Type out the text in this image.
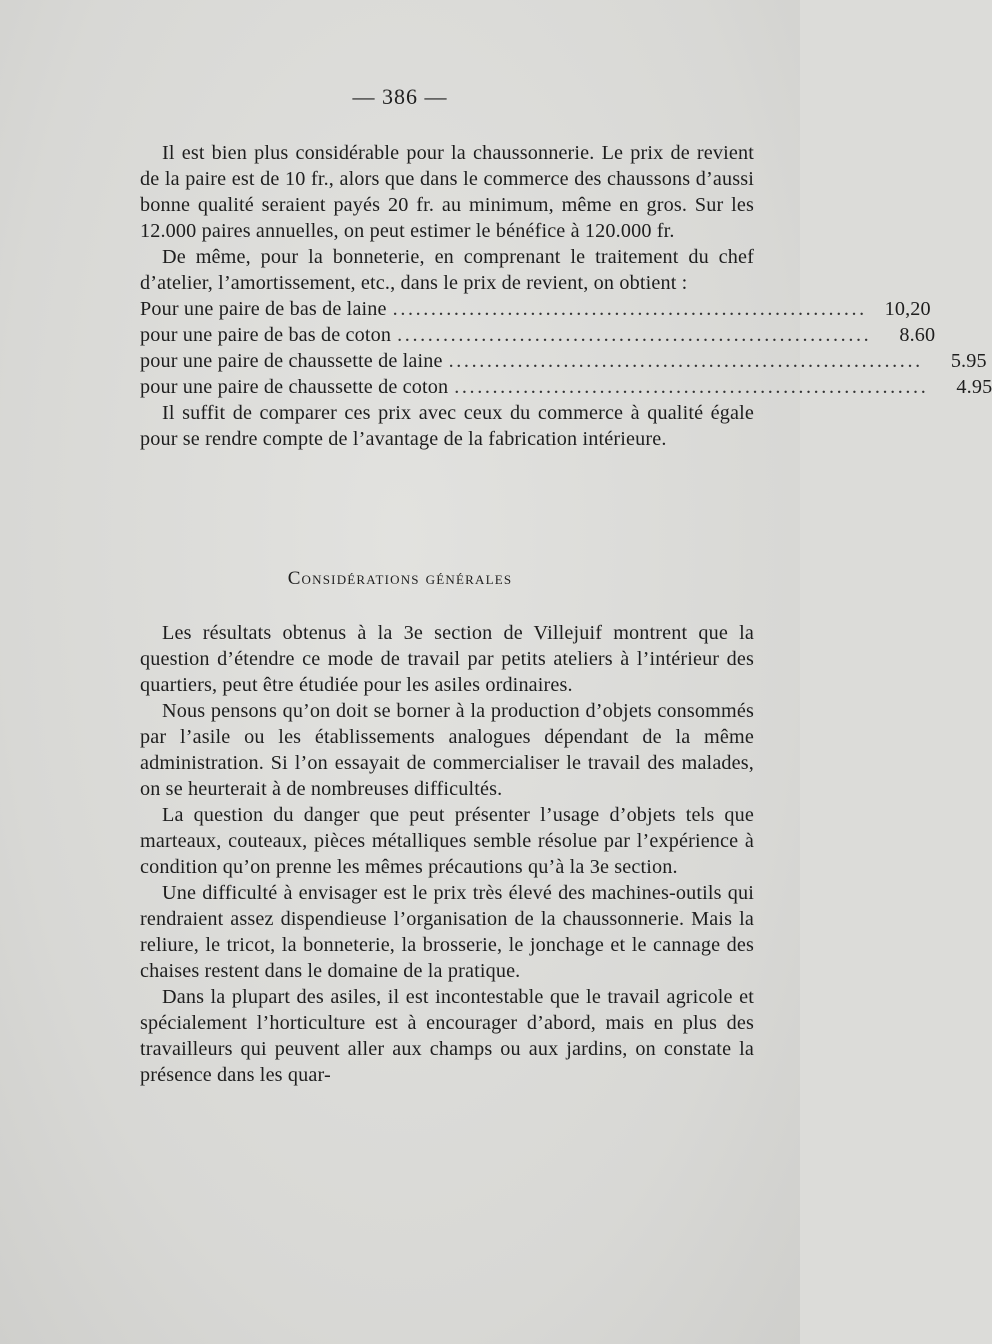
— 386 —

Il est bien plus considérable pour la chaussonnerie. Le prix de revient de la paire est de 10 fr., alors que dans le commerce des chaussons d’aussi bonne qualité seraient payés 20 fr. au minimum, même en gros. Sur les 12.000 paires annuelles, on peut estimer le bénéfice à 120.000 fr.

De même, pour la bonneterie, en comprenant le traitement du chef d’atelier, l’amortissement, etc., dans le prix de revient, on obtient :

Pour une paire de bas de laine .............................................................. 10,20
pour une paire de bas de coton ..............................................................	8.60
pour une paire de chaussette de laine ..............................................................	5.95
pour une paire de chaussette de coton ..............................................................	4.95

Il suffit de comparer ces prix avec ceux du commerce à qualité égale pour se rendre compte de l’avantage de la fabrication intérieure.

Considérations générales

Les résultats obtenus à la 3e section de Villejuif montrent que la question d’étendre ce mode de travail par petits ateliers à l’intérieur des quartiers, peut être étudiée pour les asiles ordinaires.

Nous pensons qu’on doit se borner à la production d’objets consommés par l’asile ou les établissements analogues dépendant de la même administration. Si l’on essayait de commercialiser le travail des malades, on se heurterait à de nombreuses difficultés.

La question du danger que peut présenter l’usage d’objets tels que marteaux, couteaux, pièces métalliques semble résolue par l’expérience à condition qu’on prenne les mêmes précautions qu’à la 3e section.

Une difficulté à envisager est le prix très élevé des machines-outils qui rendraient assez dispendieuse l’organisation de la chaussonnerie. Mais la reliure, le tricot, la bonneterie, la brosserie, le jonchage et le cannage des chaises restent dans le domaine de la pratique.

Dans la plupart des asiles, il est incontestable que le travail agricole et spécialement l’horticulture est à encourager d’abord, mais en plus des travailleurs qui peuvent aller aux champs ou aux jardins, on constate la présence dans les quar-
